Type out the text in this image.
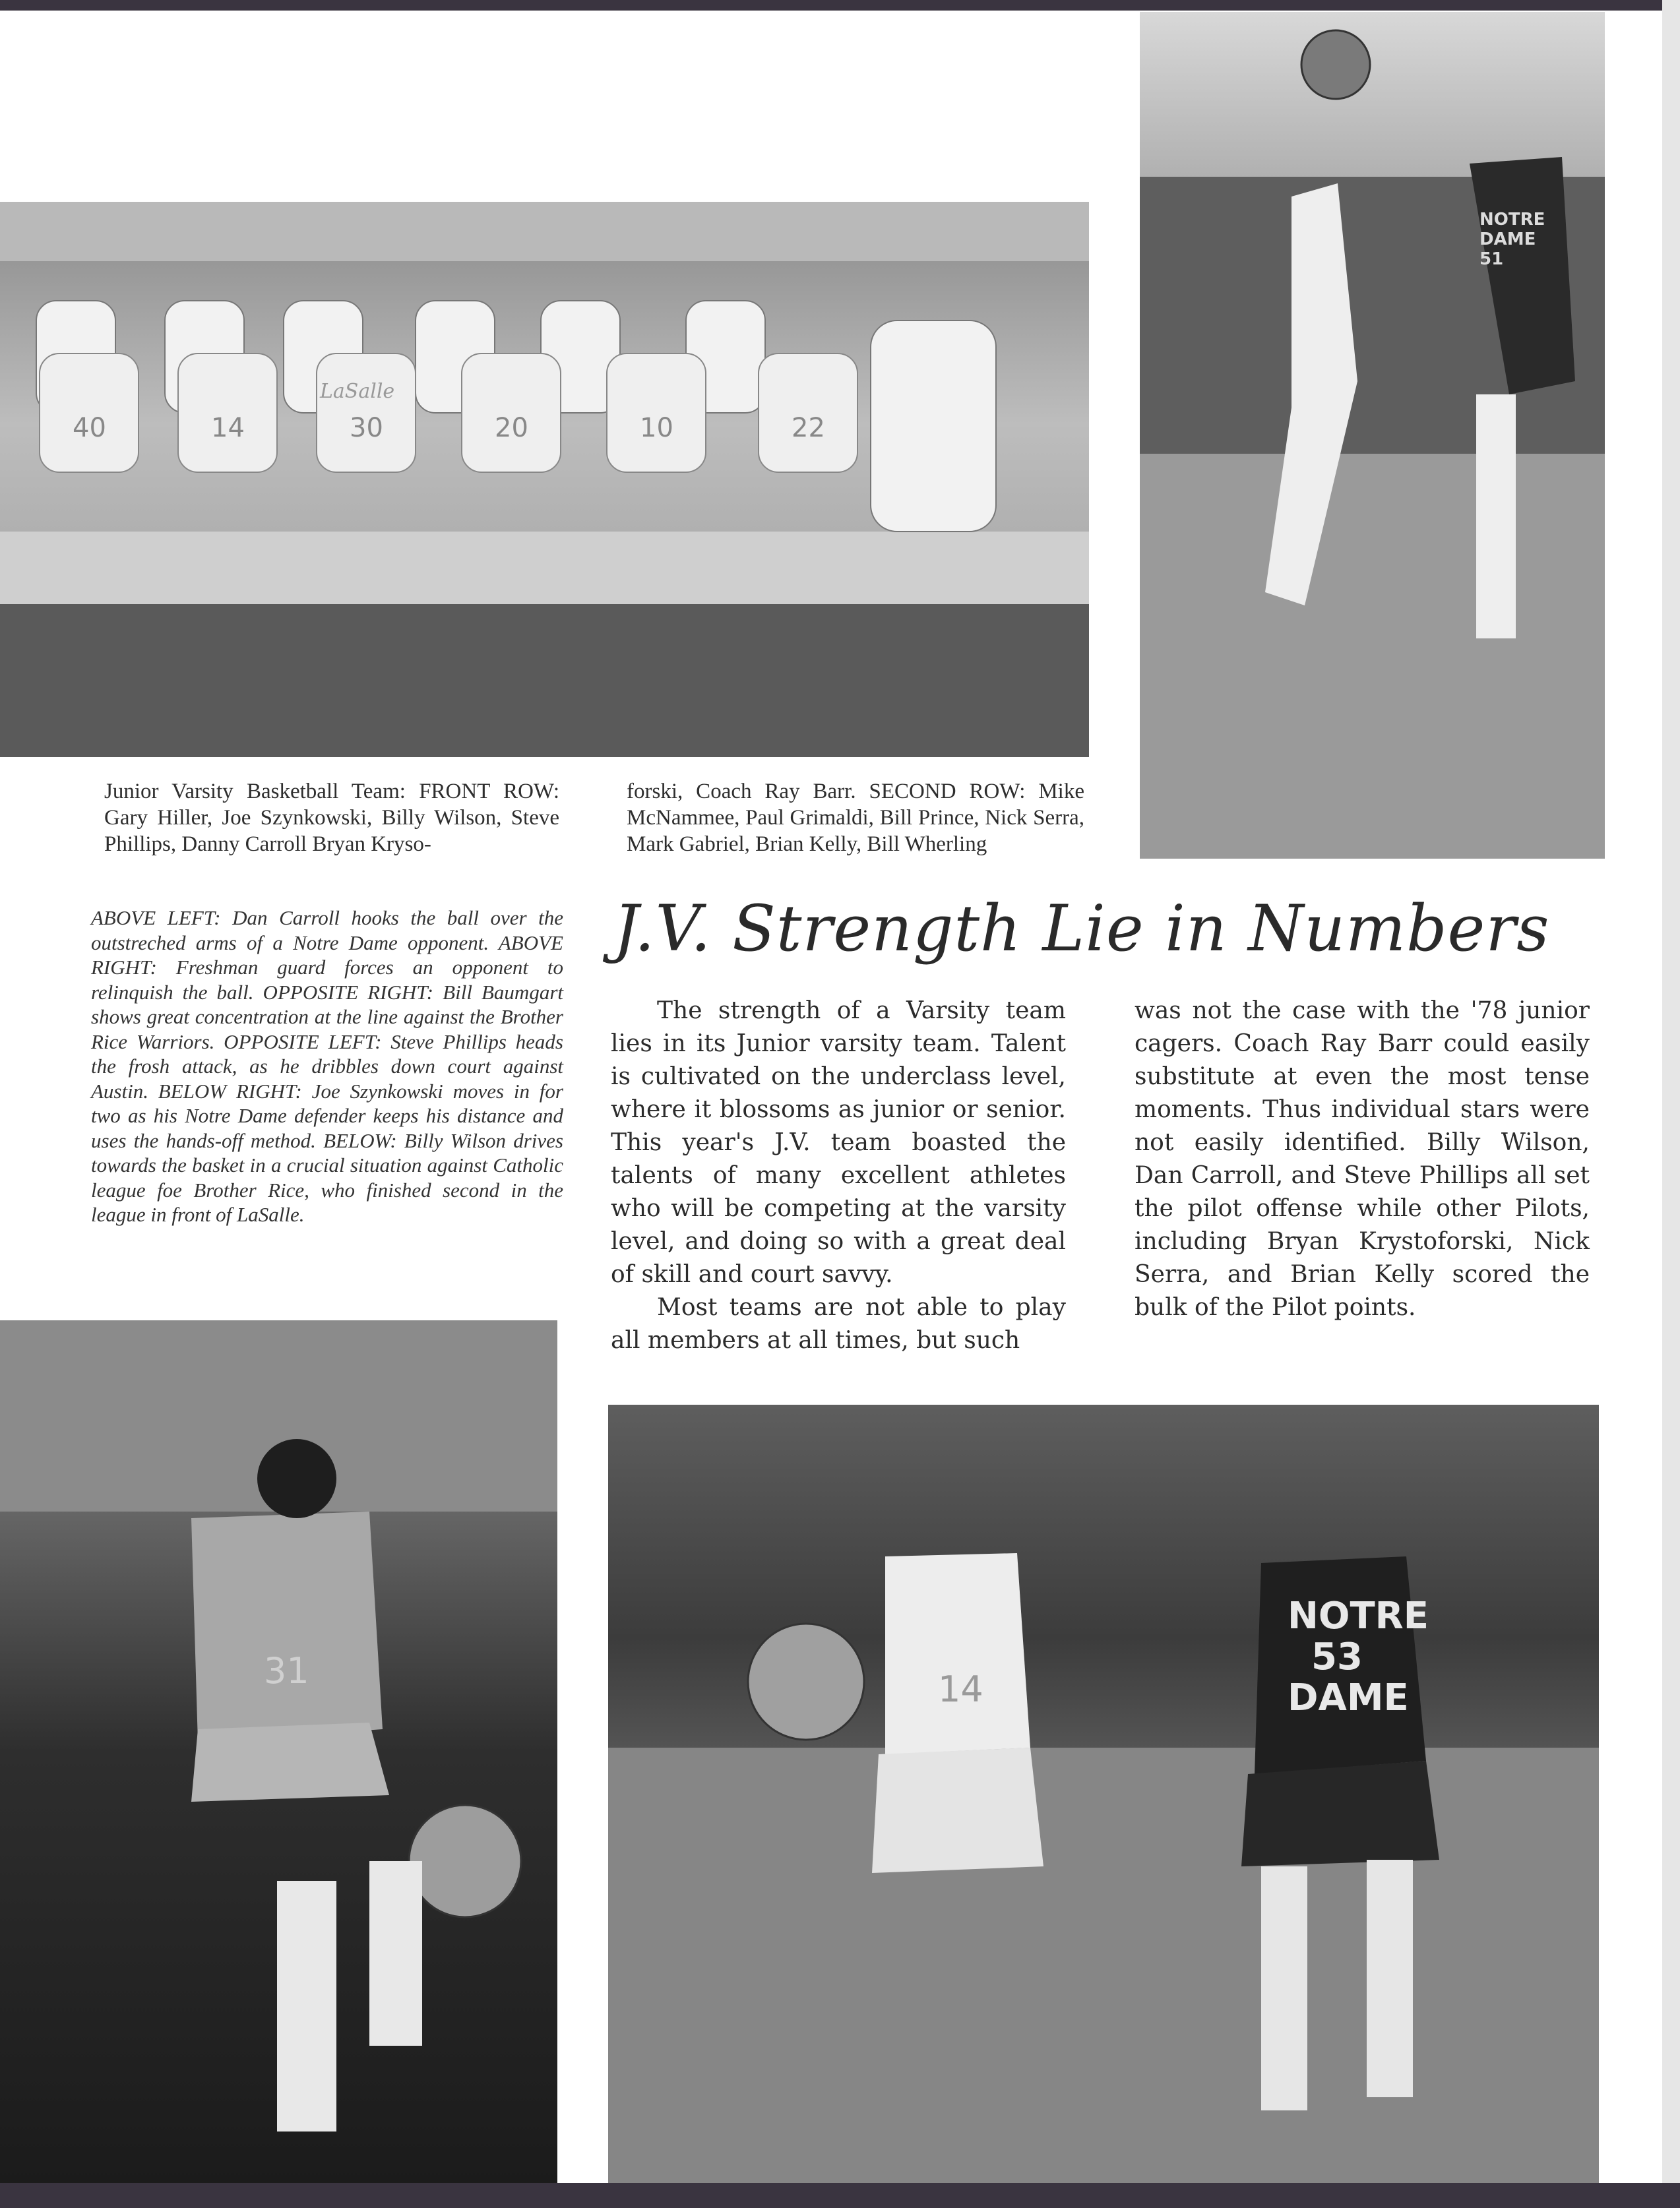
40	14	30	20	10	22
LaSalle
NOTRE DAME 51
Junior Varsity Basketball Team: FRONT ROW: Gary Hiller, Joe Szynkowski, Billy Wilson, Steve Phillips, Danny Carroll Bryan Kryso-
forski, Coach Ray Barr. SECOND ROW: Mike McNammee, Paul Grimaldi, Bill Prince, Nick Serra, Mark Gabriel, Brian Kelly, Bill Wherling
ABOVE LEFT: Dan Carroll hooks the ball over the outstreched arms of a Notre Dame opponent. ABOVE RIGHT: Freshman guard forces an opponent to relinquish the ball. OPPOSITE RIGHT: Bill Baumgart shows great concentration at the line against the Brother Rice Warriors. OPPOSITE LEFT: Steve Phillips heads the frosh attack, as he dribbles down court against Austin. BELOW RIGHT: Joe Szynkowski moves in for two as his Notre Dame defender keeps his distance and uses the hands-off method. BELOW: Billy Wilson drives towards the basket in a crucial situation against Catholic league foe Brother Rice, who finished second in the league in front of LaSalle.
J.V. Strength Lie in Numbers

The strength of a Varsity team lies in its Junior varsity team. Talent is cultivated on the underclass level, where it blossoms as junior or senior. This year's J.V. team boasted the talents of many excellent athletes who will be competing at the varsity level, and doing so with a great deal of skill and court savvy.

Most teams are not able to play all members at all times, but such

was not the case with the '78 junior cagers. Coach Ray Barr could easily substitute at even the most tense moments. Thus individual stars were not easily identified. Billy Wilson, Dan Carroll, and Steve Phillips all set the pilot offense while other Pilots, including Bryan Krystoforski, Nick Serra, and Brian Kelly scored the bulk of the Pilot points.
31	14
NOTRE
53
DAME
